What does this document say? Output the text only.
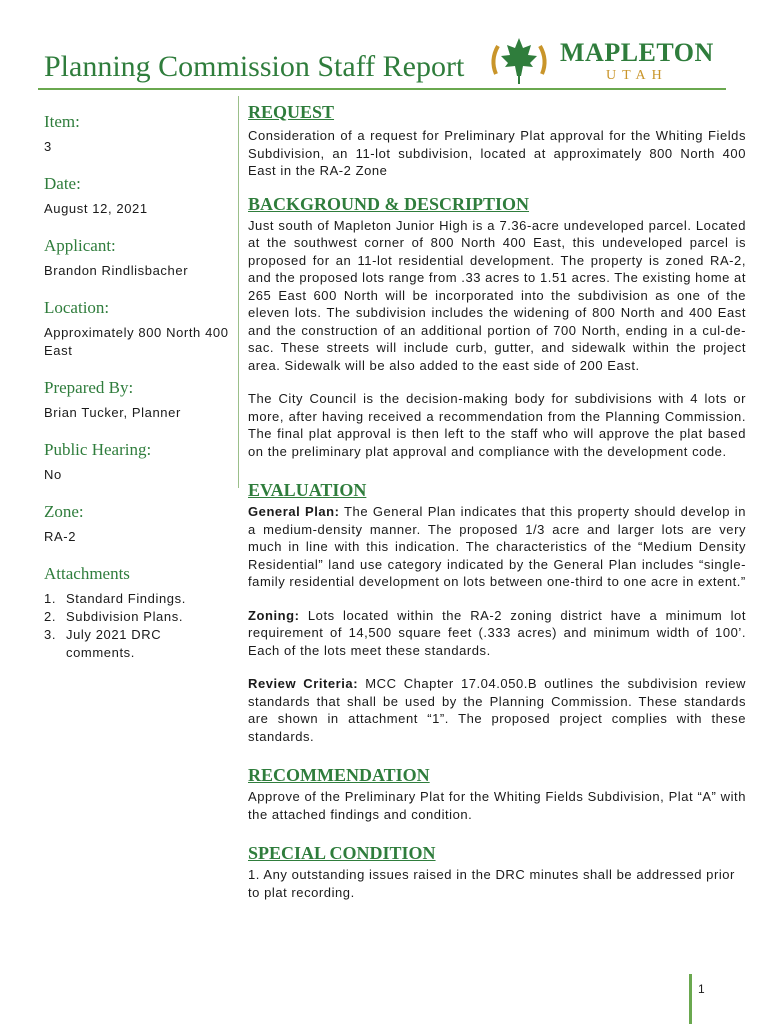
Planning Commission Staff Report	MAPLETON
UTAH

Item:

3

Date:

August 12, 2021

Applicant:

Brandon Rindlisbacher

Location:

Approximately 800 North 400 East

Prepared By:

Brian Tucker, Planner

Public Hearing:

No

Zone:

RA-2

Attachments

1. Standard Findings.
2. Subdivision Plans.
3. July 2021 DRC comments.

REQUEST

Consideration of a request for Preliminary Plat approval for the Whiting Fields Subdivision, an 11-lot subdivision, located at approximately 800 North 400 East in the RA-2 Zone

BACKGROUND & DESCRIPTION

Just south of Mapleton Junior High is a 7.36-acre undeveloped parcel. Located at the southwest corner of 800 North 400 East, this undeveloped parcel is proposed for an 11-lot residential development. The property is zoned RA-2, and the proposed lots range from .33 acres to 1.51 acres. The existing home at 265 East 600 North will be incorporated into the subdivision as one of the eleven lots. The subdivision includes the widening of 800 North and 400 East and the construction of an additional portion of 700 North, ending in a cul-de-sac. These streets will include curb, gutter, and sidewalk within the project area. Sidewalk will be also added to the east side of 200 East.

The City Council is the decision-making body for subdivisions with 4 lots or more, after having received a recommendation from the Planning Commission. The final plat approval is then left to the staff who will approve the plat based on the preliminary plat approval and compliance with the development code.

EVALUATION

General Plan: The General Plan indicates that this property should develop in a medium-density manner. The proposed 1/3 acre and larger lots are very much in line with this indication. The characteristics of the “Medium Density Residential” land use category indicated by the General Plan includes “single-family residential development on lots between one-third to one acre in extent.”

Zoning: Lots located within the RA-2 zoning district have a minimum lot requirement of 14,500 square feet (.333 acres) and minimum width of 100’. Each of the lots meet these standards.

Review Criteria: MCC Chapter 17.04.050.B outlines the subdivision review standards that shall be used by the Planning Commission. These standards are shown in attachment “1”. The proposed project complies with these standards.

RECOMMENDATION

Approve of the Preliminary Plat for the Whiting Fields Subdivision, Plat “A” with the attached findings and condition.

SPECIAL CONDITION

1. Any outstanding issues raised in the DRC minutes shall be addressed prior to plat recording.

1
